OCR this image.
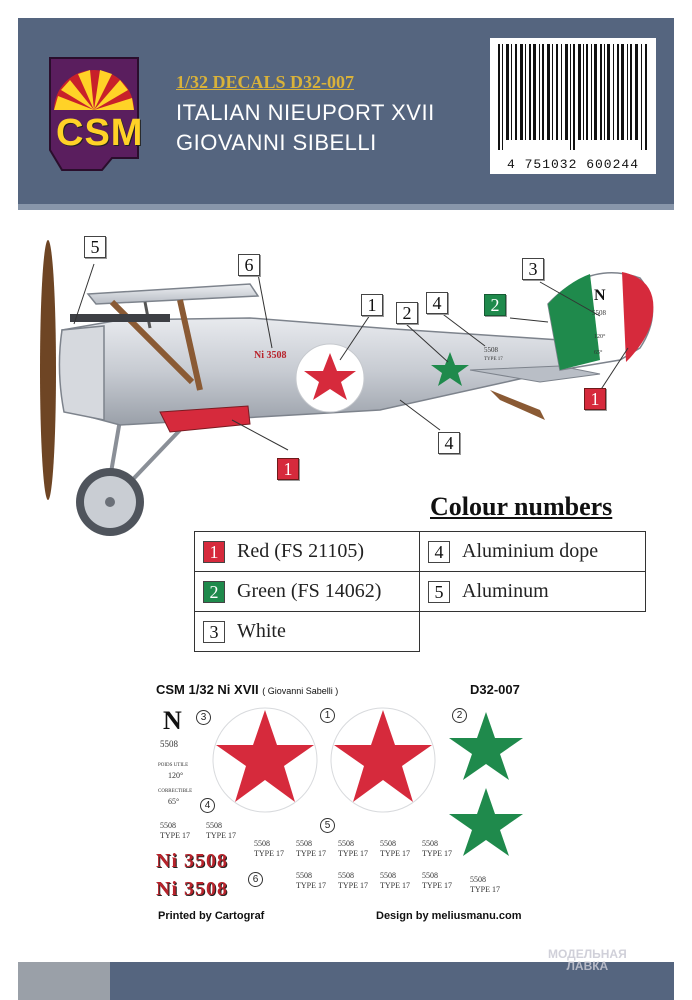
CSM
1/32 DECALS D32-007
ITALIAN NIEUPORT XVII
GIOVANNI SIBELLI
4 751032 600244
N
5508
120°
65°
5508
TYPE 17
Ni 3508
5
6
1	2	4	2
3
1
4
1
Colour numbers
1 Red (FS 21105)	4 Aluminium dope
2 Green (FS 14062)	5 Aluminum
3 White
CSM 1/32 Ni XVII ( Giovanni Sabelli )	D32-007
N
5508
POIDS UTILE
120°
CORRECTIBLE
65°
3	1	2
4
5
6
5508
TYPE 17
5508
TYPE 17
5508
TYPE 17
5508
TYPE 17
5508
TYPE 17
5508
TYPE 17
5508
TYPE 17
5508
TYPE 17
5508
TYPE 17
5508
TYPE 17
5508
TYPE 17
5508
TYPE 17
Ni 3508
Ni 3508
Printed by Cartograf	Design by meliusmanu.com
МОДЕЛЬНАЯ
ЛАВКА
